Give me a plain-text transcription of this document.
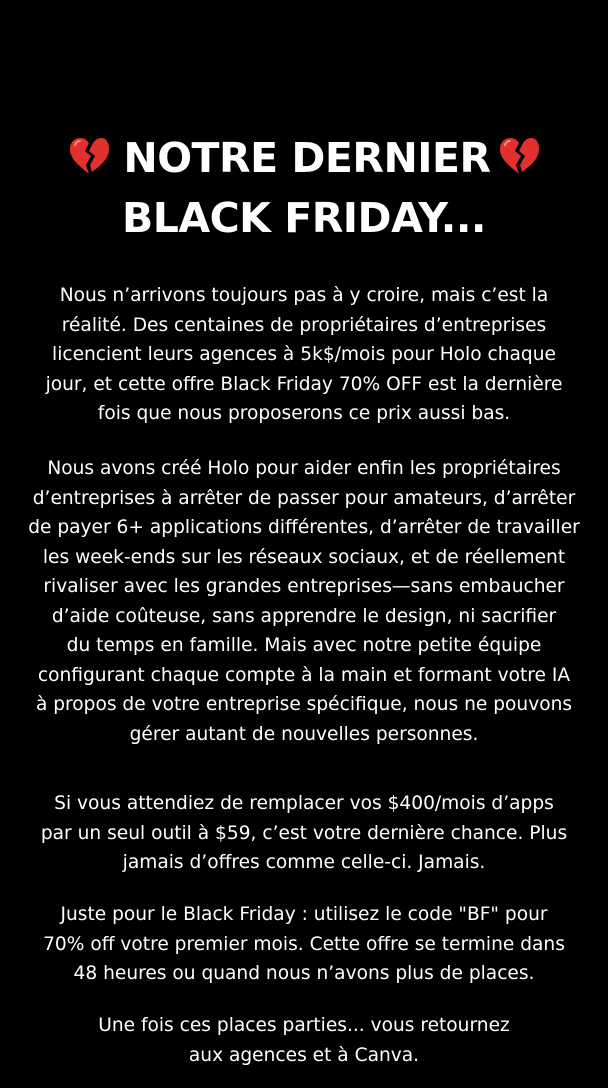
NOTRE DERNIER
BLACK FRIDAY...
Nous n’arrivons toujours pas à y croire, mais c’est la
réalité. Des centaines de propriétaires d’entreprises
licencient leurs agences à 5k$/mois pour Holo chaque
jour, et cette offre Black Friday 70% OFF est la dernière
fois que nous proposerons ce prix aussi bas.
Nous avons créé Holo pour aider enfin les propriétaires
d’entreprises à arrêter de passer pour amateurs, d’arrêter
de payer 6+ applications différentes, d’arrêter de travailler
les week-ends sur les réseaux sociaux, et de réellement
rivaliser avec les grandes entreprises—sans embaucher
d’aide coûteuse, sans apprendre le design, ni sacrifier
du temps en famille. Mais avec notre petite équipe
configurant chaque compte à la main et formant votre IA
à propos de votre entreprise spécifique, nous ne pouvons
gérer autant de nouvelles personnes.
Si vous attendiez de remplacer vos $400/mois d’apps
par un seul outil à $59, c’est votre dernière chance. Plus
jamais d’offres comme celle-ci. Jamais.
Juste pour le Black Friday : utilisez le code "BF" pour
70% off votre premier mois. Cette offre se termine dans
48 heures ou quand nous n’avons plus de places.
Une fois ces places parties... vous retournez
aux agences et à Canva.
